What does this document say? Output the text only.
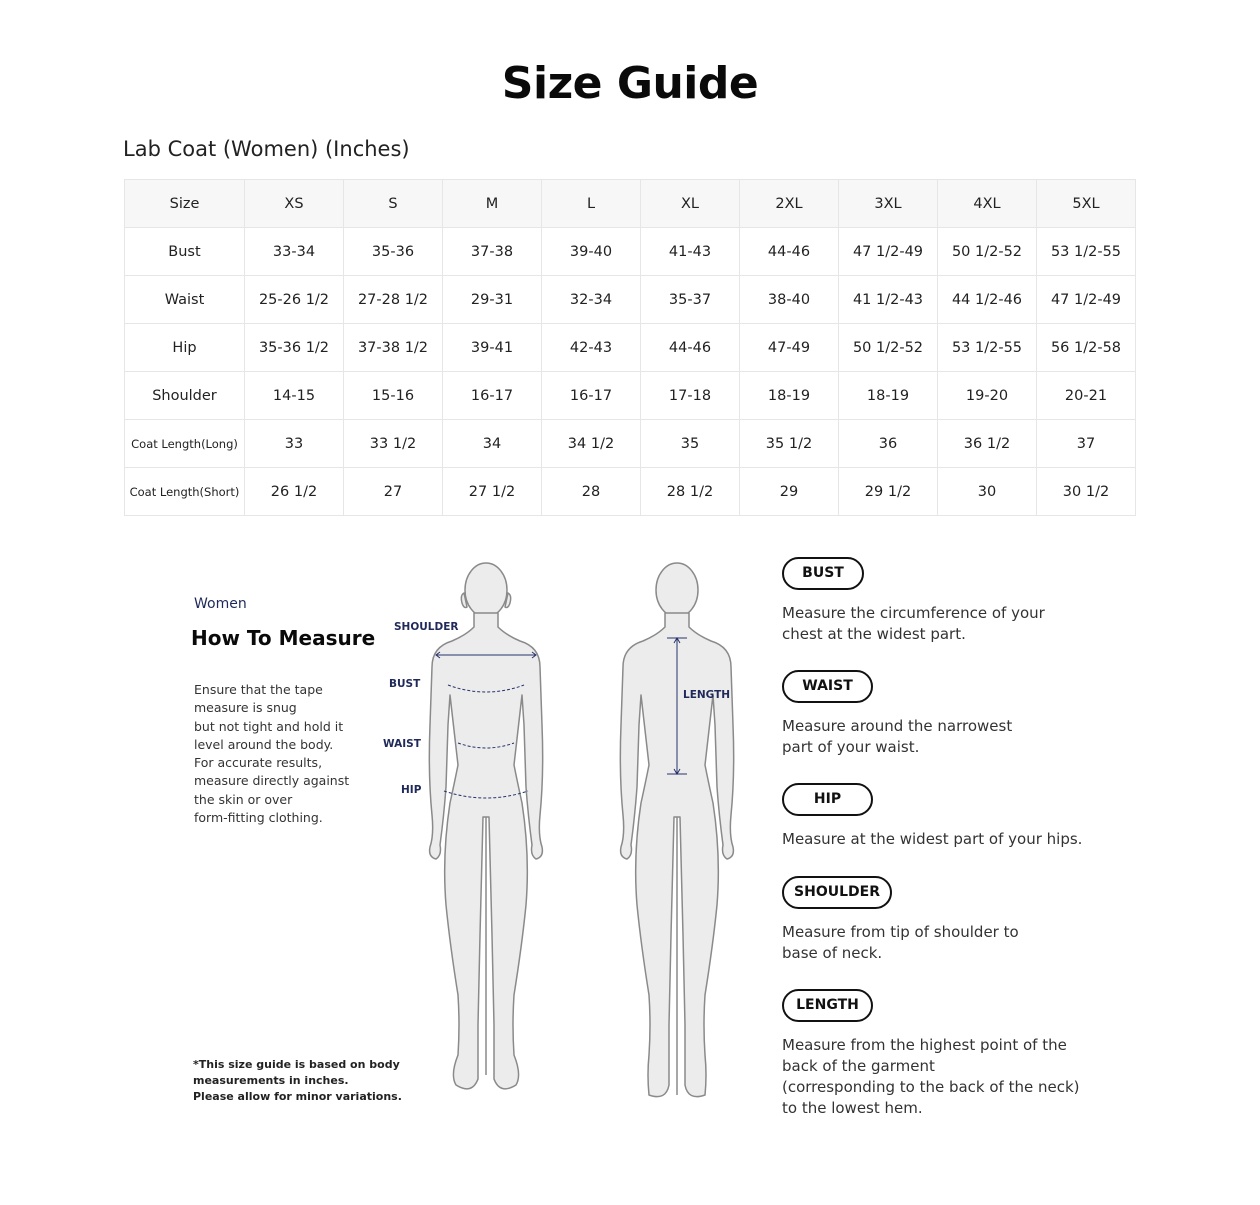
Size Guide
Lab Coat (Women) (Inches)
Size	XS	S	M	L	XL	2XL	3XL	4XL	5XL
Bust	33-34	35-36	37-38	39-40	41-43	44-46	47 1/2-49	50 1/2-52	53 1/2-55
Waist	25-26 1/2	27-28 1/2	29-31	32-34	35-37	38-40	41 1/2-43	44 1/2-46	47 1/2-49
Hip	35-36 1/2	37-38 1/2	39-41	42-43	44-46	47-49	50 1/2-52	53 1/2-55	56 1/2-58
Shoulder	14-15	15-16	16-17	16-17	17-18	18-19	18-19	19-20	20-21
Coat Length(Long)	33	33 1/2	34	34 1/2	35	35 1/2	36	36 1/2	37
Coat Length(Short)	26 1/2	27	27 1/2	28	28 1/2	29	29 1/2	30	30 1/2
Women
How To Measure
Ensure that the tape
measure is snug
but not tight and hold it
level around the body.
For accurate results,
measure directly against
the skin or over
form-fitting clothing.
*This size guide is based on body
measurements in inches.
Please allow for minor variations.
SHOULDER
BUST
WAIST
HIP
LENGTH
BUST
Measure the circumference of your
chest at the widest part.
WAIST
Measure around the narrowest
part of your waist.
HIP
Measure at the widest part of your hips.
SHOULDER
Measure from tip of shoulder to
base of neck.
LENGTH
Measure from the highest point of the
back of the garment
(corresponding to the back of the neck)
to the lowest hem.
